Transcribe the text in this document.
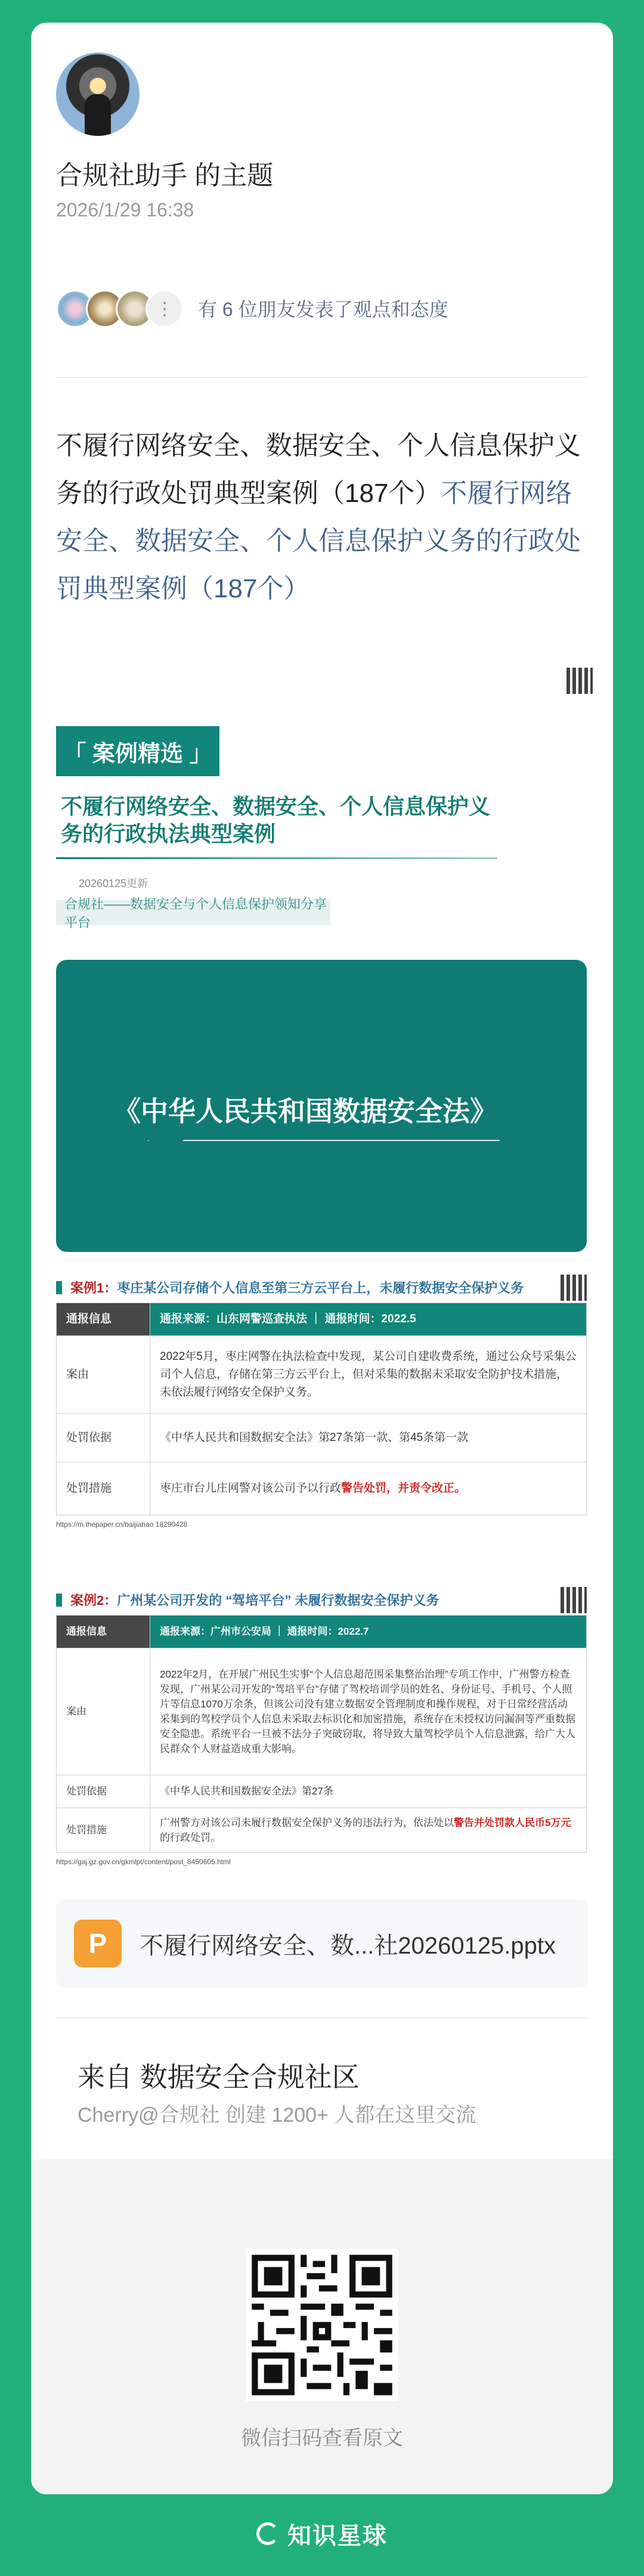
合规社助手 的主题
2026/1/29 16:38
⋮	有 6 位朋友发表了观点和态度
不履行网络安全、数据安全、个人信息保护义务的行政处罚典型案例（187个）不履行网络安全、数据安全、个人信息保护义务的行政处罚典型案例（187个）
「 案例精选 」
不履行网络安全、数据安全、个人信息保护义务的行政执法典型案例
20260125更新
合规社——数据安全与个人信息保护领知分享平台
《中华人民共和国数据安全法》
案例1： 枣庄某公司存储个人信息至第三方云平台上，未履行数据安全保护义务
通报信息	通报来源：山东网警巡查执法 ｜ 通报时间：2022.5
案由	2022年5月，枣庄网警在执法检查中发现，某公司自建收费系统，通过公众号采集公司个人信息，存储在第三方云平台上，但对采集的数据未采取安全防护技术措施，未依法履行网络安全保护义务。
处罚依据	《中华人民共和国数据安全法》第27条第一款、第45条第一款
处罚措施	枣庄市台儿庄网警对该公司予以行政警告处罚，并责令改正。
https://m.thepaper.cn/baijiahao 18290428
案例2： 广州某公司开发的 “驾培平台” 未履行数据安全保护义务
通报信息	通报来源：广州市公安局 ｜ 通报时间：2022.7
案由	2022年2月，在开展广州民生实事“个人信息超范围采集整治治理”专项工作中，广州警方检查发现，广州某公司开发的“驾培平台”存储了驾校培训学员的姓名、身份证号、手机号、个人照片等信息1070万余条，但该公司没有建立数据安全管理制度和操作规程，对于日常经营活动采集到的驾校学员个人信息未采取去标识化和加密措施，系统存在未授权访问漏洞等严重数据安全隐患。系统平台一旦被不法分子突破窃取，将导致大量驾校学员个人信息泄露，给广大人民群众个人财益造成重大影响。
处罚依据	《中华人民共和国数据安全法》第27条
处罚措施	广州警方对该公司未履行数据安全保护义务的违法行为，依法处以警告并处罚款人民币5万元的行政处罚。
https://gaj.gz.gov.cn/gkmlpt/content/post_8450605.html
P	不履行网络安全、数...社20260125.pptx
来自 数据安全合规社区
Cherry@合规社 创建 1200+ 人都在这里交流
微信扫码查看原文
知识星球
